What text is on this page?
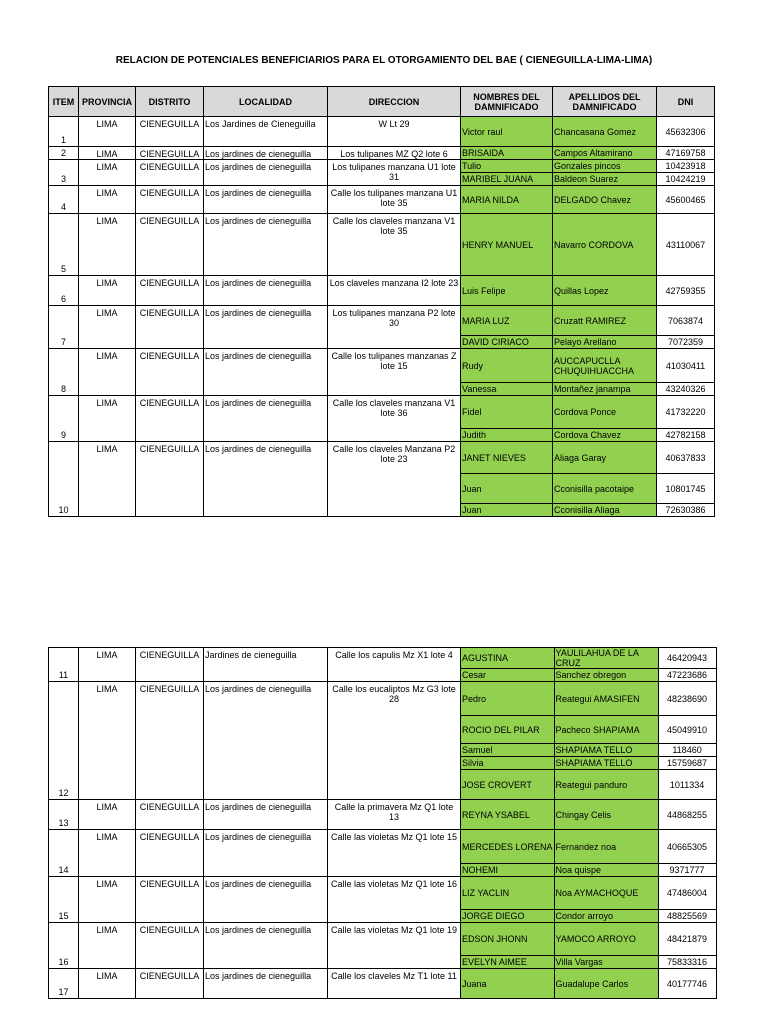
RELACION DE POTENCIALES BENEFICIARIOS PARA EL OTORGAMIENTO DEL BAE ( CIENEGUILLA-LIMA-LIMA)
ITEM	PROVINCIA	DISTRITO	LOCALIDAD	DIRECCION	NOMBRES DEL DAMNIFICADO	APELLIDOS DEL DAMNIFICADO	DNI
1	LIMA	CIENEGUILLA	Los Jardines de Cieneguilla	W Lt 29	Victor raul	Chancasana Gomez	45632306
2	LIMA	CIENEGUILLA	Los jardines de cieneguilla	Los tulipanes MZ Q2 lote 6	BRISAIDA	Campos Altamirano	47169758
3	LIMA	CIENEGUILLA	Los jardines de cieneguilla	Los tulipanes manzana U1 lote 31	Tulio	Gonzales pincos	10423918
					MARIBEL JUANA	Baldeon Suarez	10424219
4	LIMA	CIENEGUILLA	Los jardines de cieneguilla	Calle los tulipanes manzana U1 lote 35	MARIA NILDA	DELGADO Chavez	45600465
5	LIMA	CIENEGUILLA	Los jardines de cieneguilla	Calle los claveles manzana V1 lote 35	HENRY MANUEL	Navarro CORDOVA	43110067
6	LIMA	CIENEGUILLA	Los jardines de cieneguilla	Los claveles manzana I2 lote 23	Luis Felipe	Quillas Lopez	42759355
7	LIMA	CIENEGUILLA	Los jardines de cieneguilla	Los tulipanes manzana P2 lote 30	MARIA LUZ	Cruzatt RAMIREZ	7063874
					DAVID CIRIACO	Pelayo Arellano	7072359
8	LIMA	CIENEGUILLA	Los jardines de cieneguilla	Calle los tulipanes manzanas Z lote 15	Rudy	AUCCAPUCLLA CHUQUIHUACCHA	41030411
					Vanessa	Montañez janampa	43240326
9	LIMA	CIENEGUILLA	Los jardines de cieneguilla	Calle los claveles manzana V1 lote 36	Fidel	Cordova Ponce	41732220
					Judith	Cordova Chavez	42782158
10	LIMA	CIENEGUILLA	Los jardines de cieneguilla	Calle los claveles Manzana P2 lote 23	JANET NIEVES	Aliaga Garay	40637833
					Juan	Cconisilla pacotaipe	10801745
					Juan	Cconisilla Aliaga	72630386
11	LIMA	CIENEGUILLA	Jardines de cieneguilla	Calle los capulis Mz X1 lote 4	AGUSTINA	YAULILAHUA DE LA CRUZ	46420943
					Cesar	Sanchez obregon	47223686
12	LIMA	CIENEGUILLA	Los jardines de cieneguilla	Calle los eucaliptos Mz G3 lote 28	Pedro	Reategui AMASIFEN	48238690
					ROCIO DEL PILAR	Pacheco SHAPIAMA	45049910
					Samuel	SHAPIAMA TELLO	118460
					Silvia	SHAPIAMA TELLO	15759687
					JOSE CROVERT	Reategui panduro	1011334
13	LIMA	CIENEGUILLA	Los jardines de cieneguilla	Calle la primavera Mz Q1 lote 13	REYNA YSABEL	Chingay Celis	44868255
14	LIMA	CIENEGUILLA	Los jardines de cieneguilla	Calle las violetas Mz Q1 lote 15	MERCEDES LORENA	Fernandez noa	40665305
					NOHEMI	Noa quispe	9371777
15	LIMA	CIENEGUILLA	Los jardines de cieneguilla	Calle las violetas Mz Q1 lote 16	LIZ YACLIN	Noa AYMACHOQUE	47486004
					JORGE DIEGO	Condor arroyo	48825569
16	LIMA	CIENEGUILLA	Los jardines de cieneguilla	Calle las violetas Mz Q1 lote 19	EDSON JHONN	YAMOCO ARROYO	48421879
					EVELYN AIMEE	Villa Vargas	75833316
17	LIMA	CIENEGUILLA	Los jardines de cieneguilla	Calle los claveles Mz T1 lote 11	Juana	Guadalupe Carlos	40177746
